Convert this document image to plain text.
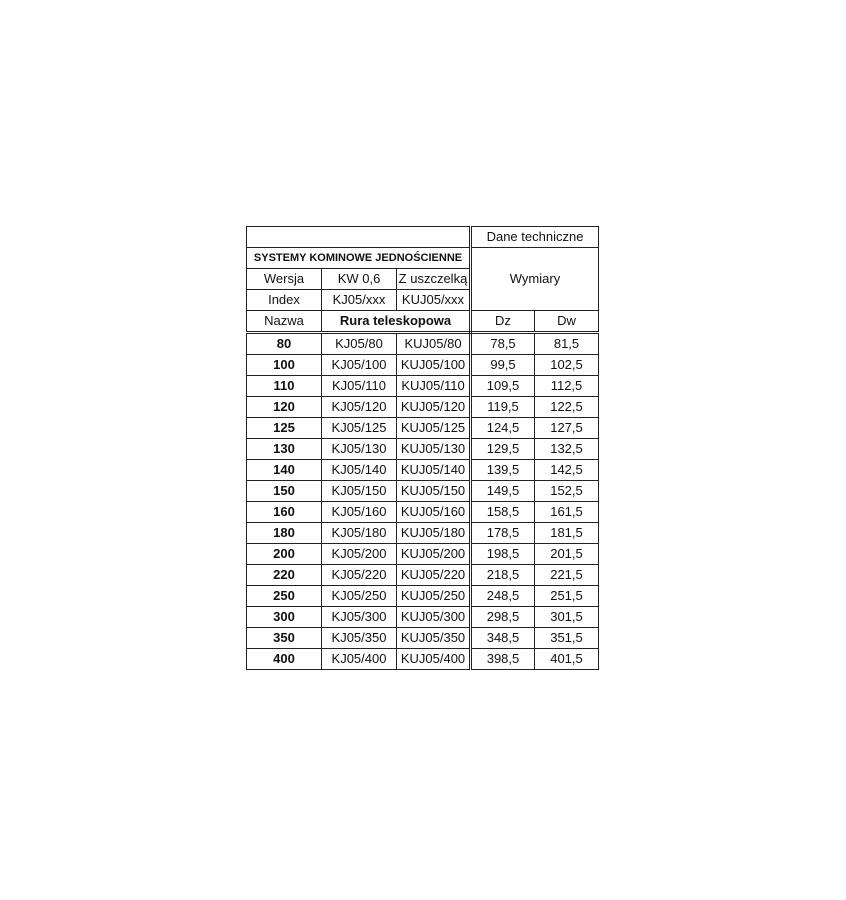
			Dane techniczne	
SYSTEMY KOMINOWE JEDNOŚCIENNE			Wymiary	
Wersja	KW 0,6	Z uszczelką		
Index	KJ05/xxx	KUJ05/xxx		
Nazwa	Rura teleskopowa		Dz	Dw
80	KJ05/80	KUJ05/80	78,5	81,5
100	KJ05/100	KUJ05/100	99,5	102,5
110	KJ05/110	KUJ05/110	109,5	112,5
120	KJ05/120	KUJ05/120	119,5	122,5
125	KJ05/125	KUJ05/125	124,5	127,5
130	KJ05/130	KUJ05/130	129,5	132,5
140	KJ05/140	KUJ05/140	139,5	142,5
150	KJ05/150	KUJ05/150	149,5	152,5
160	KJ05/160	KUJ05/160	158,5	161,5
180	KJ05/180	KUJ05/180	178,5	181,5
200	KJ05/200	KUJ05/200	198,5	201,5
220	KJ05/220	KUJ05/220	218,5	221,5
250	KJ05/250	KUJ05/250	248,5	251,5
300	KJ05/300	KUJ05/300	298,5	301,5
350	KJ05/350	KUJ05/350	348,5	351,5
400	KJ05/400	KUJ05/400	398,5	401,5
